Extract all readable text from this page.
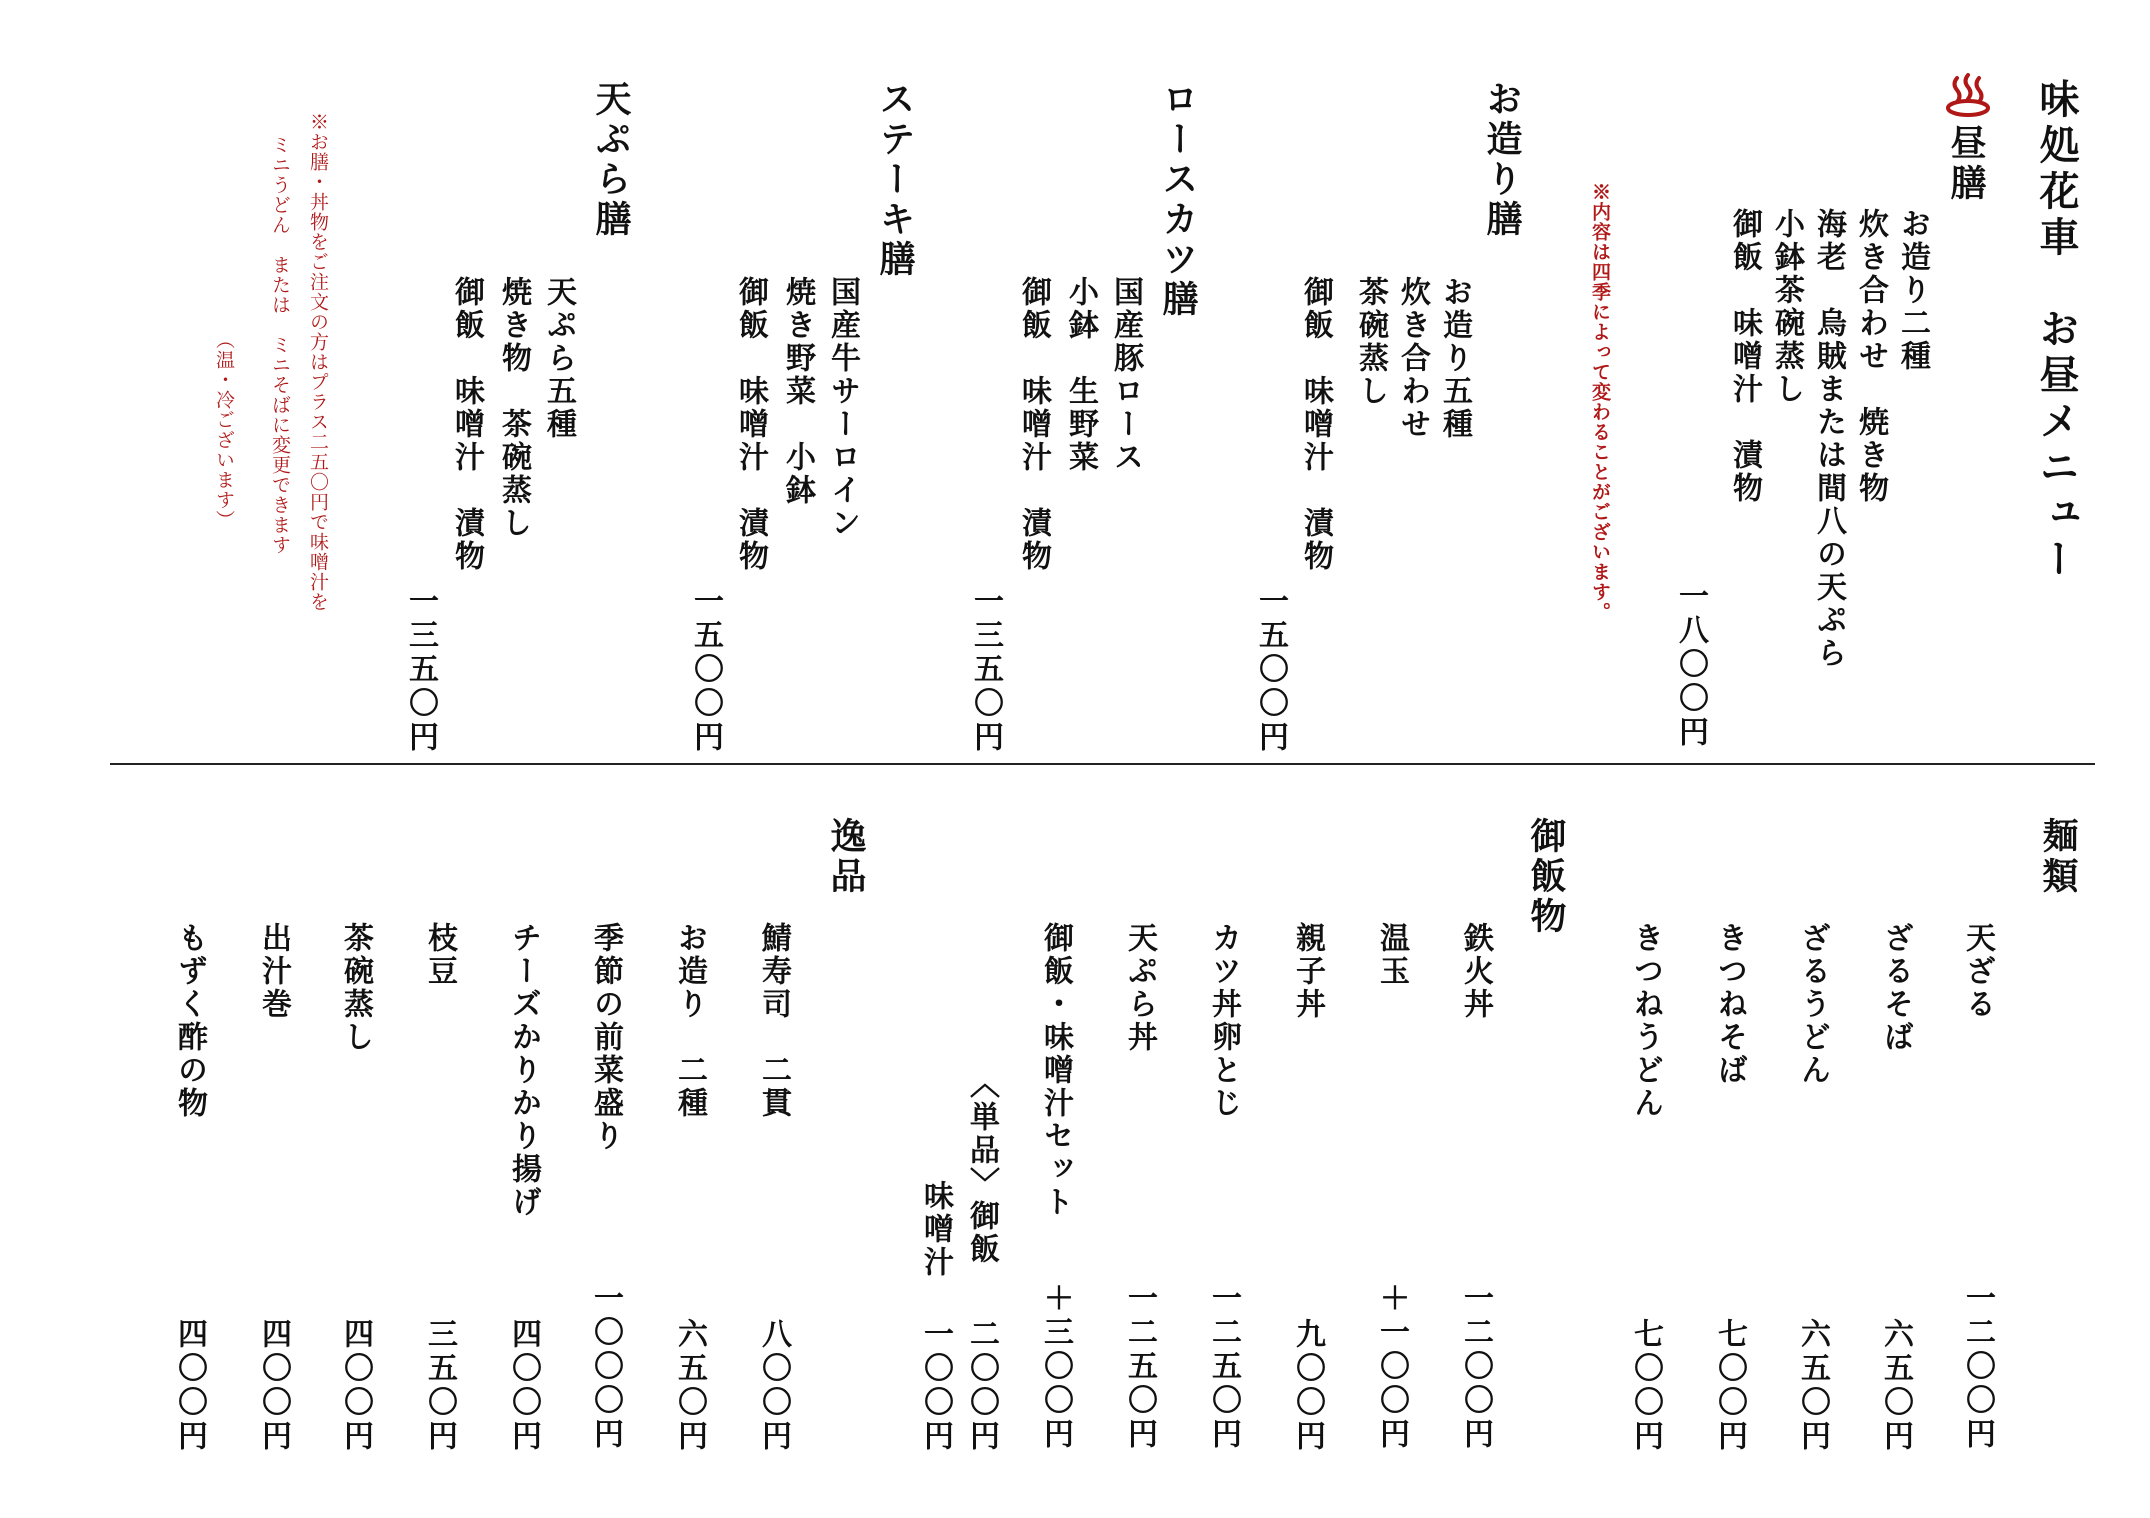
味処花車　お昼メニュー
昼膳
お造り二種
炊き合わせ　焼き物
海老　烏賊または間八の天ぷら
小鉢茶碗蒸し
御飯　味噌汁　漬物
一八〇〇円
※内容は四季によって変わることがございます。
お造り膳
お造り五種
炊き合わせ
茶碗蒸し
御飯　味噌汁　漬物
一五〇〇円
ロースカツ膳
国産豚ロース
小鉢　生野菜
御飯　味噌汁　漬物
一三五〇円
ステーキ膳
国産牛サーロイン
焼き野菜　小鉢
御飯　味噌汁　漬物
一五〇〇円
天ぷら膳
天ぷら五種
焼き物　茶碗蒸し
御飯　味噌汁　漬物
一三五〇円
※お膳・丼物をご注文の方はプラス二五〇円で味噌汁を
ミニうどん　または　ミニそばに変更できます
（温・冷ございます）
麺類
天ざる
一二〇〇円
ざるそば
六五〇円
ざるうどん
六五〇円
きつねそば
七〇〇円
きつねうどん
七〇〇円
御飯物
鉄火丼
一二〇〇円
温玉
＋一〇〇円
親子丼
九〇〇円
カツ丼卵とじ
一二五〇円
天ぷら丼
一二五〇円
御飯・味噌汁セット
＋三〇〇円
〈単品〉御飯
二〇〇円
味噌汁
一〇〇円
逸品
鯖寿司　二貫
八〇〇円
お造り　二種
六五〇円
季節の前菜盛り
一〇〇〇円
チーズかりかり揚げ
四〇〇円
枝豆
三五〇円
茶碗蒸し
四〇〇円
出汁巻
四〇〇円
もずく酢の物
四〇〇円
